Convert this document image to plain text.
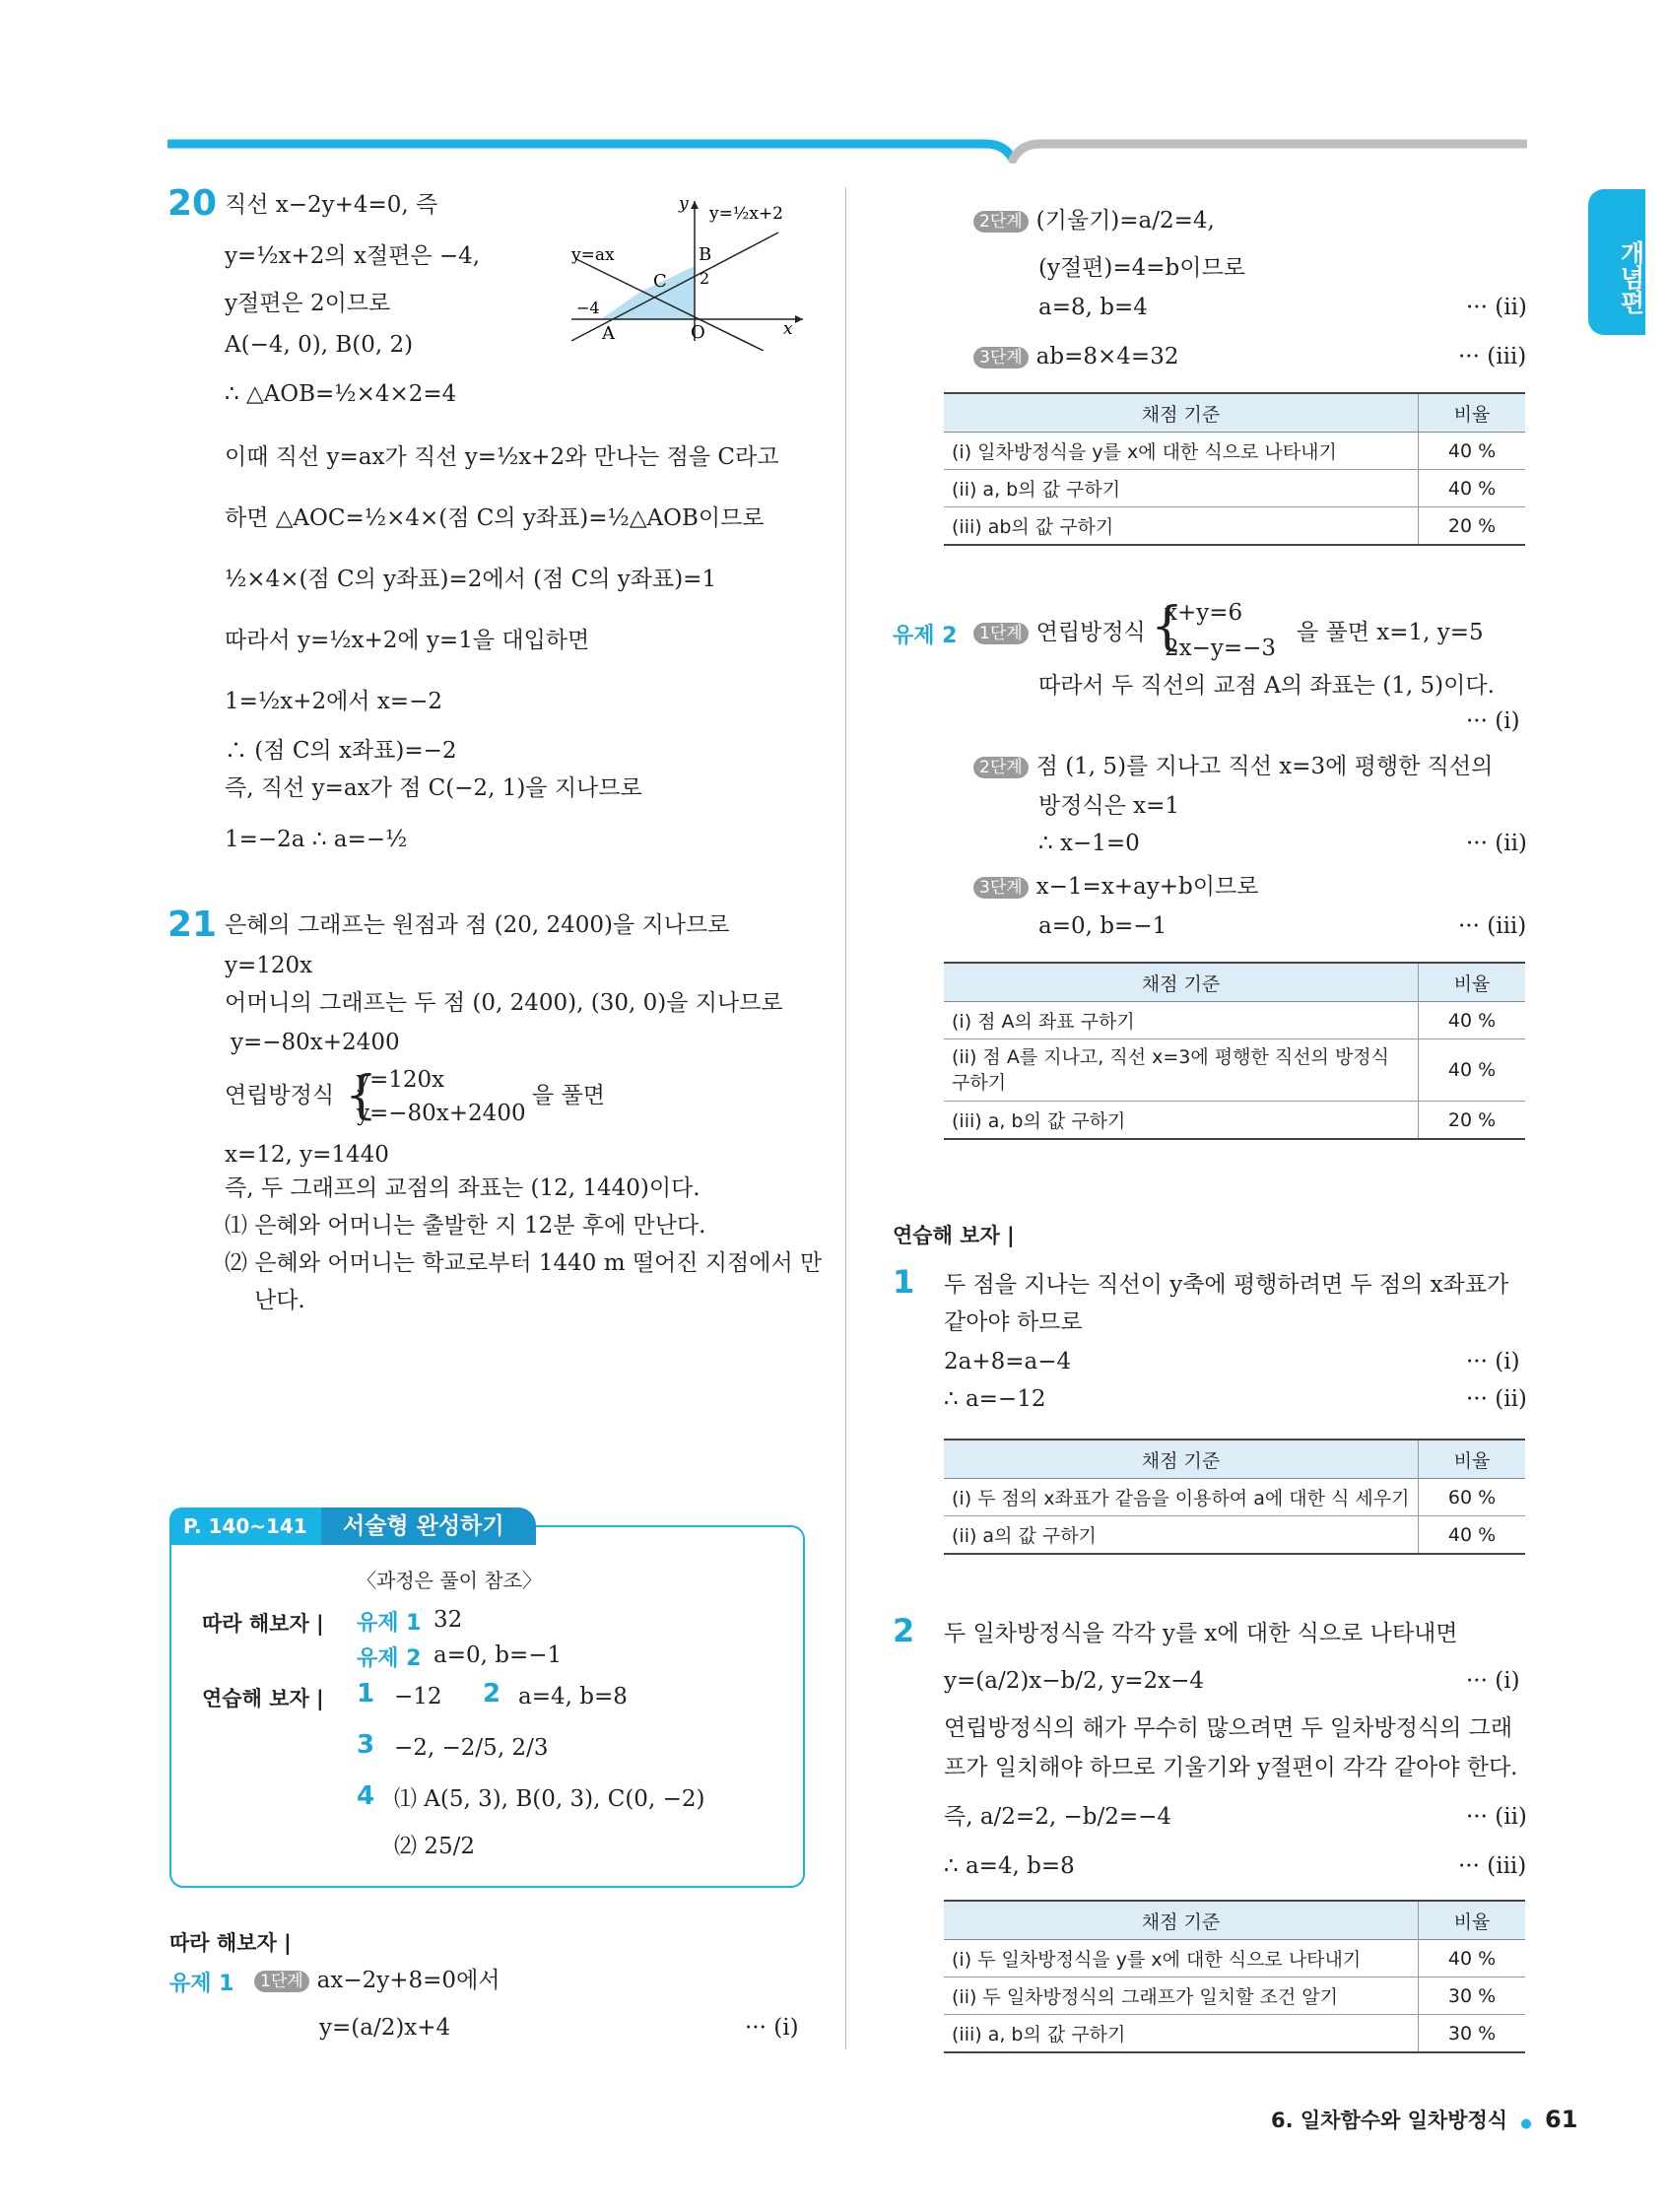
개념편
20 직선 x−2y+4=0, 즉
y=½x+2의 x절편은 −4,
y절편은 2이므로
A(−4, 0), B(0, 2)
∴ △AOB=½×4×2=4
이때 직선 y=ax가 직선 y=½x+2와 만나는 점을 C라고
하면 △AOC=½×4×(점 C의 y좌표)=½△AOB이므로
½×4×(점 C의 y좌표)=2에서 (점 C의 y좌표)=1
따라서 y=½x+2에 y=1을 대입하면
1=½x+2에서 x=−2
∴ (점 C의 x좌표)=−2
즉, 직선 y=ax가 점 C(−2, 1)을 지나므로
1=−2a ∴ a=−½
y y=½x+2
y=ax	B
2
C
−4
A	O	x
21 은혜의 그래프는 원점과 점 (20, 2400)을 지나므로
y=120x
어머니의 그래프는 두 점 (0, 2400), (30, 0)을 지나므로
y=−80x+2400
연립방정식 {
y=120x
y=−80x+2400
을 풀면
x=12, y=1440
즉, 두 그래프의 교점의 좌표는 (12, 1440)이다.
⑴ 은혜와 어머니는 출발한 지 12분 후에 만난다.
⑵ 은혜와 어머니는 학교로부터 1440 m 떨어진 지점에서 만
난다.
P. 140~141	서술형 완성하기
〈과정은 풀이 참조〉
따라 해보자 | 유제 1 32
유제 2 a=0, b=−1
연습해 보자 | 1 −12 2 a=4, b=8
3 −2, −2/5, 2/3
4 ⑴ A(5, 3), B(0, 3), C(0, −2)
⑵ 25/2
따라 해보자 |
유제 1	1단계 ax−2y+8=0에서
y=(a/2)x+4	··· (i)
2단계 (기울기)=a/2=4,
(y절편)=4=b이므로
a=8, b=4	··· (ii)
3단계 ab=8×4=32	··· (iii)
채점 기준	비율
(i) 일차방정식을 y를 x에 대한 식으로 나타내기	40 %
(ii) a, b의 값 구하기	40 %
(iii) ab의 값 구하기	20 %
유제 2	1단계 연립방정식 {
x+y=6
2x−y=−3
을 풀면 x=1, y=5
따라서 두 직선의 교점 A의 좌표는 (1, 5)이다.
··· (i)
2단계 점 (1, 5)를 지나고 직선 x=3에 평행한 직선의
방정식은 x=1
∴ x−1=0	··· (ii)
3단계 x−1=x+ay+b이므로
a=0, b=−1	··· (iii)
채점 기준	비율
(i) 점 A의 좌표 구하기	40 %
(ii) 점 A를 지나고, 직선 x=3에 평행한 직선의 방정식 구하기	40 %
(iii) a, b의 값 구하기	20 %
연습해 보자 |
1 두 점을 지나는 직선이 y축에 평행하려면 두 점의 x좌표가
같아야 하므로
2a+8=a−4	··· (i)
∴ a=−12	··· (ii)
채점 기준	비율
(i) 두 점의 x좌표가 같음을 이용하여 a에 대한 식 세우기	60 %
(ii) a의 값 구하기	40 %
2 두 일차방정식을 각각 y를 x에 대한 식으로 나타내면
y=(a/2)x−b/2, y=2x−4	··· (i)
연립방정식의 해가 무수히 많으려면 두 일차방정식의 그래
프가 일치해야 하므로 기울기와 y절편이 각각 같아야 한다.
즉, a/2=2, −b/2=−4	··· (ii)
∴ a=4, b=8	··· (iii)
채점 기준	비율
(i) 두 일차방정식을 y를 x에 대한 식으로 나타내기	40 %
(ii) 두 일차방정식의 그래프가 일치할 조건 알기	30 %
(iii) a, b의 값 구하기	30 %
6. 일차함수와 일차방정식 ● 61
